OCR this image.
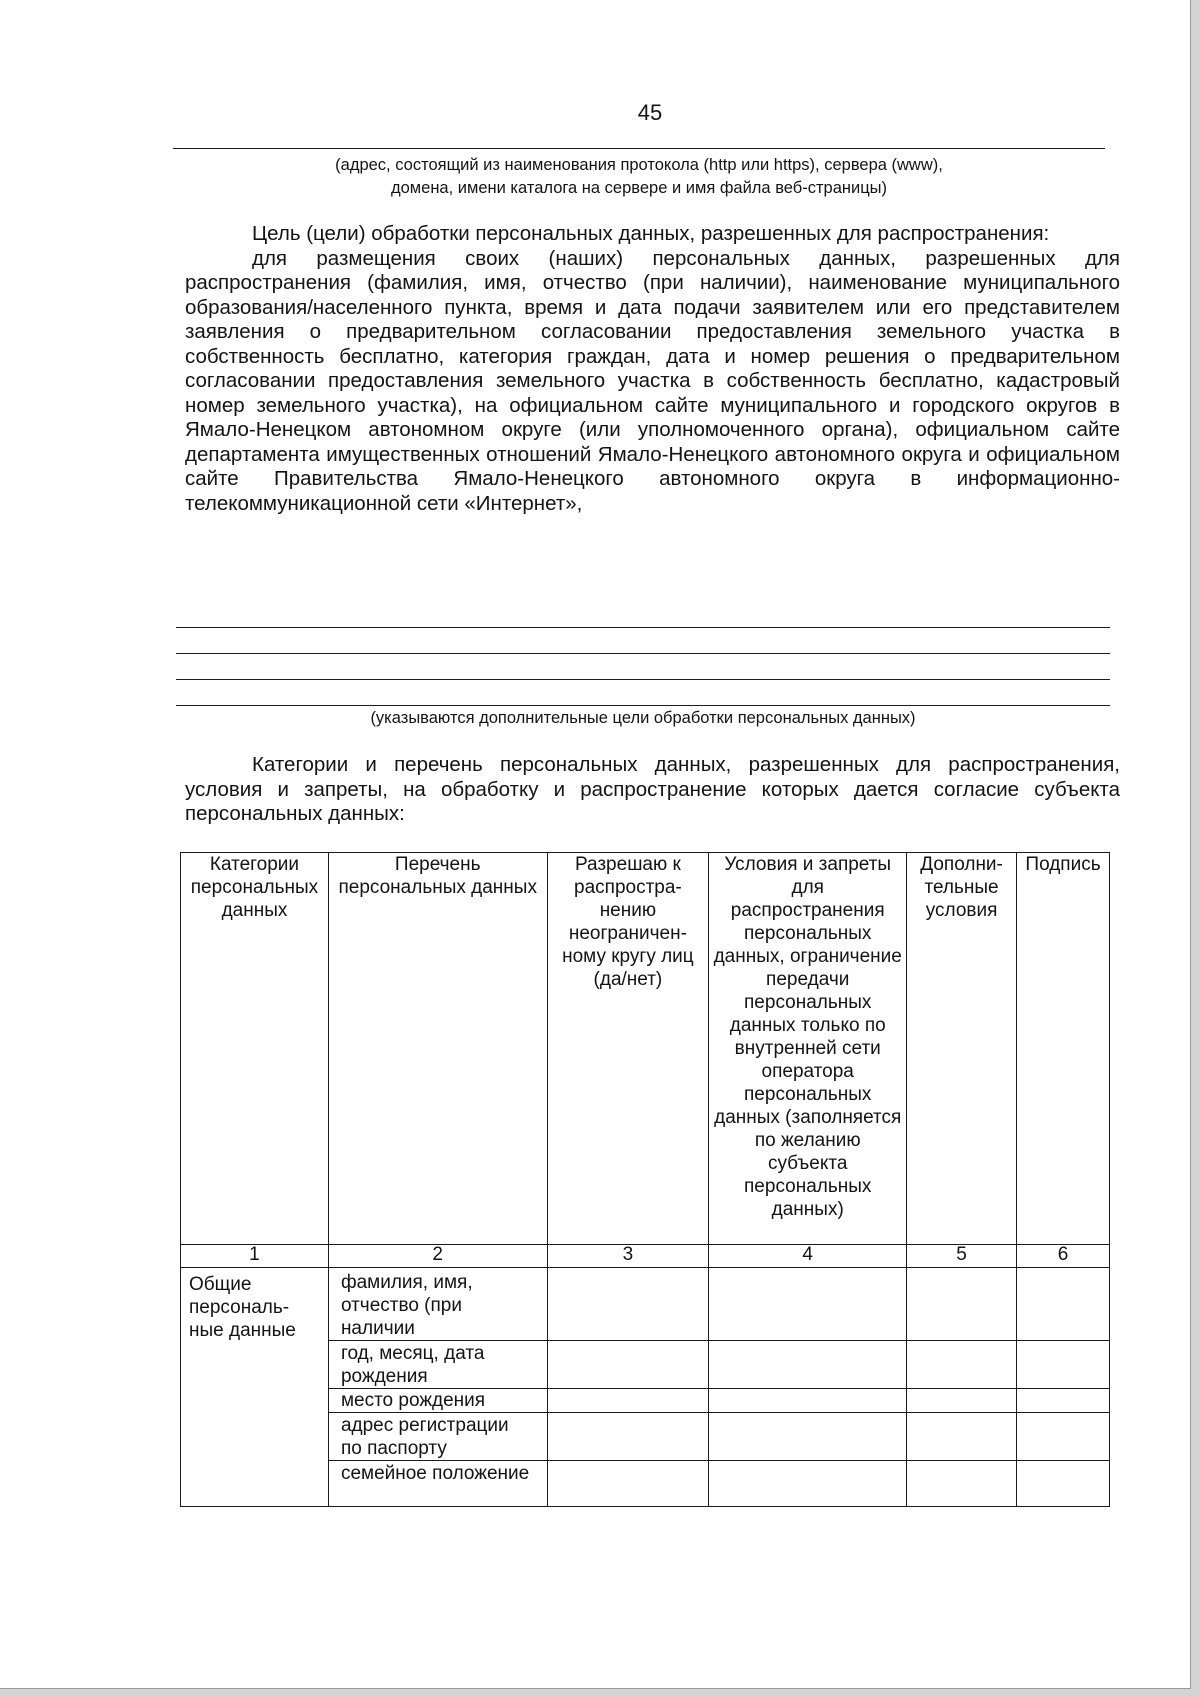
45
(адрес, состоящий из наименования протокола (http или https), сервера (www),
домена, имени каталога на сервере и имя файла веб-страницы)

Цель (цели) обработки персональных данных, разрешенных для распространения:

для размещения своих (наших) персональных данных, разрешенных для распространения (фамилия, имя, отчество (при наличии), наименование муниципального образования/населенного пункта, время и дата подачи заявителем или его представителем заявления о предварительном согласовании предоставления земельного участка в собственность бесплатно, категория граждан, дата и номер решения о предварительном согласовании предоставления земельного участка в собственность бесплатно, кадастровый номер земельного участка), на официальном сайте муниципального и городского округов в Ямало-Ненецком автономном округе (или уполномоченного органа), официальном сайте департамента имущественных отношений Ямало-Ненецкого автономного округа и официальном сайте Правительства Ямало-Ненецкого автономного округа в информационно-телекоммуникационной сети «Интернет»,

(указываются дополнительные цели обработки персональных данных)

Категории и перечень персональных данных, разрешенных для распространения, условия и запреты, на обработку и распространение которых дается согласие субъекта персональных данных:

Категории персональных данных	Перечень персональных данных	Разрешаю к распростра-нению неограничен-ному кругу лиц (да/нет)	Условия и запреты для распространения персональных данных, ограничение передачи персональных данных только по внутренней сети оператора персональных данных (заполняется по желанию субъекта персональных данных)	Дополни-тельные условия	Подпись
1	2	3	4	5	6
Общие персональ-ные данные	фамилия, имя, отчество (при наличии				
	год, месяц, дата рождения				
	место рождения				
	адрес регистрации по паспорту				
	семейное положение				
